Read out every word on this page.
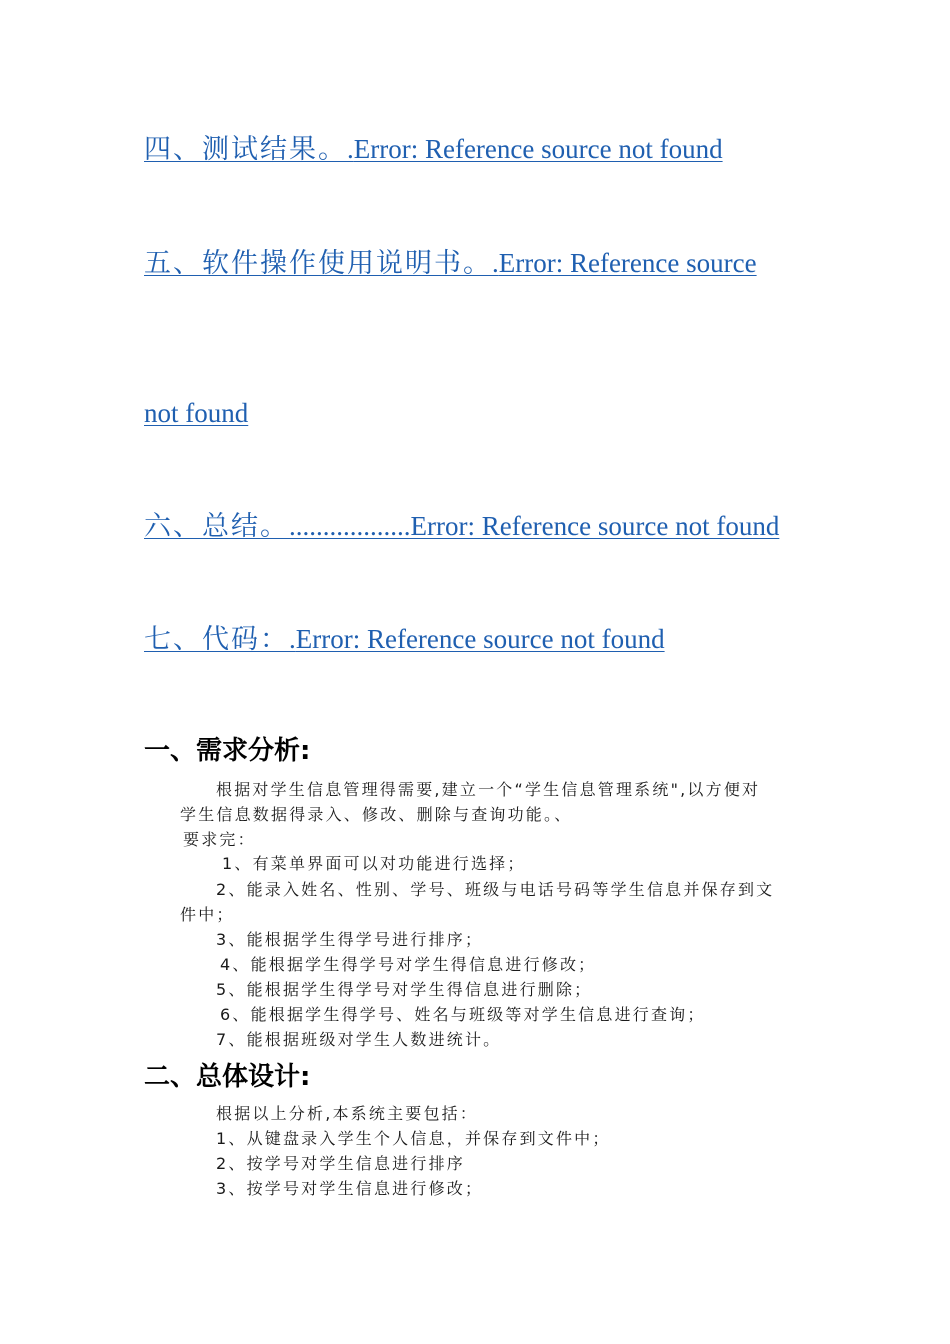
四、测试结果。.Error: Reference source not found
五、软件操作使用说明书。.Error: Reference source
not found
六、总结。..................Error: Reference source not found
七、代码：.Error: Reference source not found
一、需求分析:
根据对学生信息管理得需要,建立一个“学生信息管理系统",以方便对
学生信息数据得录入、修改、删除与查询功能。、
要求完：
1、有菜单界面可以对功能进行选择；
2、能录入姓名、性别、学号、班级与电话号码等学生信息并保存到文
件中；
3、能根据学生得学号进行排序；
4、能根据学生得学号对学生得信息进行修改；
5、能根据学生得学号对学生得信息进行删除；
6、能根据学生得学号、姓名与班级等对学生信息进行查询；
7、能根据班级对学生人数进统计。
二、总体设计:
根据以上分析,本系统主要包括：
1、从键盘录入学生个人信息，并保存到文件中；
2、按学号对学生信息进行排序
3、按学号对学生信息进行修改；
